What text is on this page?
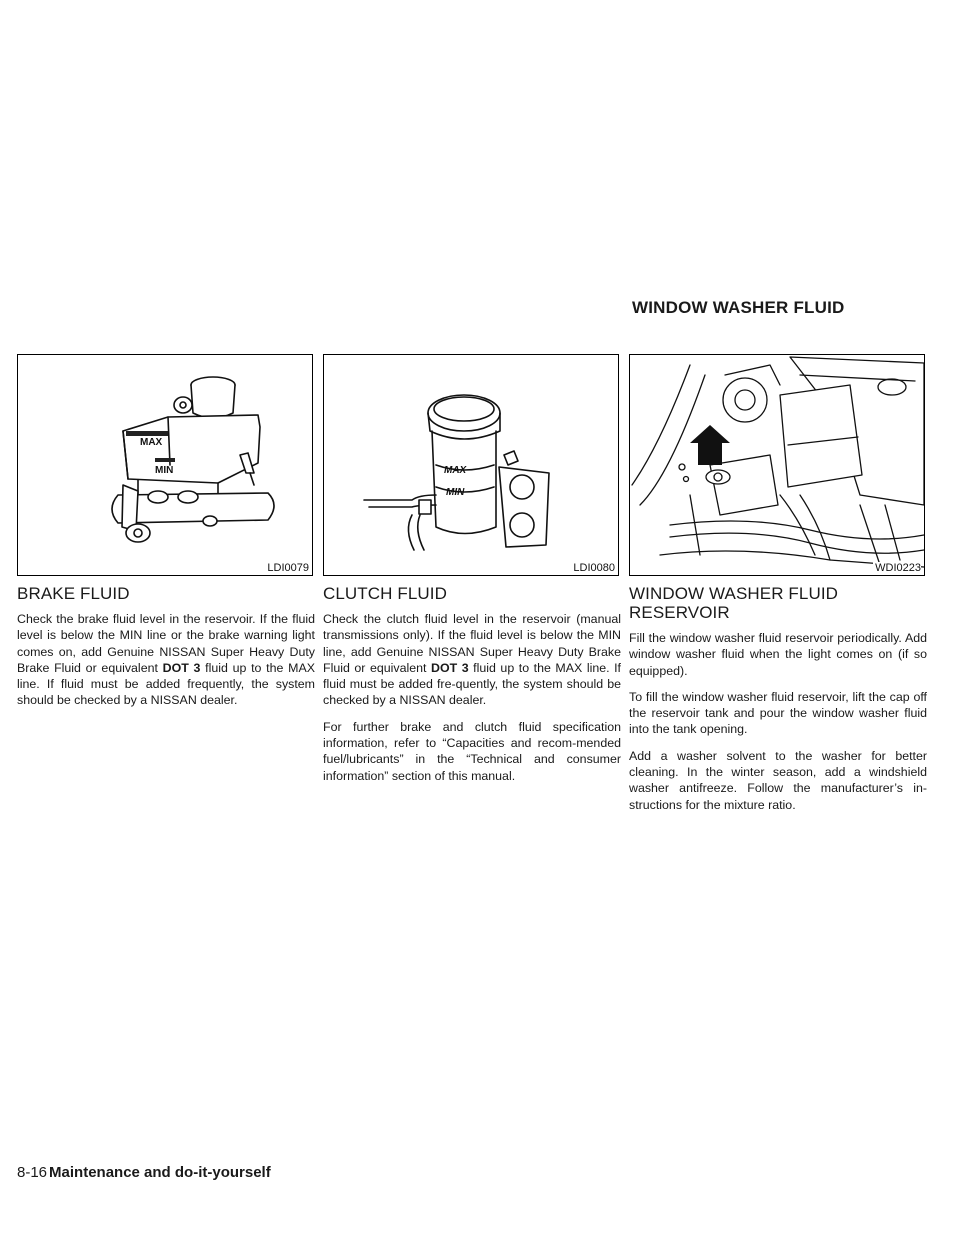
WINDOW WASHER FLUID
MAX
MIN
LDI0079
BRAKE FLUID

Check the brake fluid level in the reservoir. If the fluid level is below the MIN line or the brake warning light comes on, add Genuine NISSAN Super Heavy Duty Brake Fluid or equivalent DOT 3 fluid up to the MAX line. If fluid must be added frequently, the system should be checked by a NISSAN dealer.

MAX
MIN
LDI0080
CLUTCH FLUID

Check the clutch fluid level in the reservoir (manual transmissions only). If the fluid level is below the MIN line, add Genuine NISSAN Super Heavy Duty Brake Fluid or equivalent DOT 3 fluid up to the MAX line. If fluid must be added fre-quently, the system should be checked by a NISSAN dealer.

For further brake and clutch fluid specification information, refer to “Capacities and recom-mended fuel/lubricants” in the “Technical and consumer information” section of this manual.

WDI0223
WINDOW WASHER FLUID RESERVOIR

Fill the window washer fluid reservoir periodically. Add window washer fluid when the light comes on (if so equipped).

To fill the window washer fluid reservoir, lift the cap off the reservoir tank and pour the window washer fluid into the tank opening.

Add a washer solvent to the washer for better cleaning. In the winter season, add a windshield washer antifreeze. Follow the manufacturer’s in-structions for the mixture ratio.

8-16 Maintenance and do-it-yourself
